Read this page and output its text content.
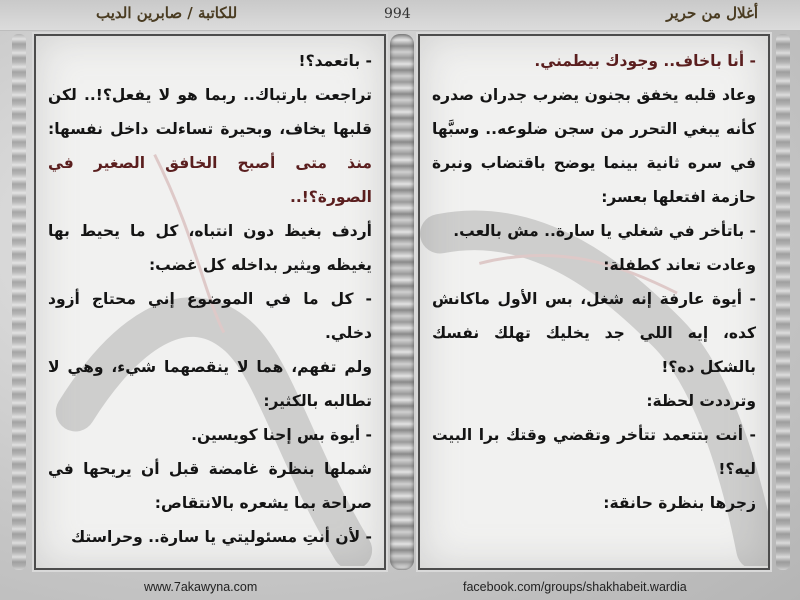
أغلال من حرير
994
للكاتبة / صابرين الديب

- باتعمد؟!

تراجعت بارتباك.. ربما هو لا يفعل؟!.. لكن قلبها يخاف، وبحيرة تساءلت داخل نفسها: منذ متى أصبح الخافق الصغير في الصورة؟!..

أردف بغيظ دون انتباه، كل ما يحيط بها يغيظه ويثير بداخله كل غضب:

- كل ما في الموضوع إني محتاج أزود دخلي.

ولم تفهم، هما لا ينقصهما شيء، وهي لا تطالبه بالكثير:

- أيوة بس إحنا كويسين.

شملها بنظرة غامضة قبل أن يريحها في صراحة بما يشعره بالانتقاص:

- لأن أنتِ مسئوليتي يا سارة.. وحراستك

- أنا باخاف.. وجودك بيطمني.

وعاد قلبه يخفق بجنون يضرب جدران صدره كأنه يبغي التحرر من سجن ضلوعه.. وسبَّها في سره ثانية بينما يوضح باقتضاب ونبرة حازمة افتعلها بعسر:

- باتأخر في شغلي يا سارة.. مش بالعب.

وعادت تعاند كطفلة:

- أيوة عارفة إنه شغل، بس الأول ماكانش كده، إيه اللي جد يخليك تهلك نفسك بالشكل ده؟!

وترددت لحظة:

- أنت بتتعمد تتأخر وتقضي وقتك برا البيت ليه؟!

زجرها بنظرة حانقة:

facebook.com/groups/shakhabeit.wardia
www.7akawyna.com
